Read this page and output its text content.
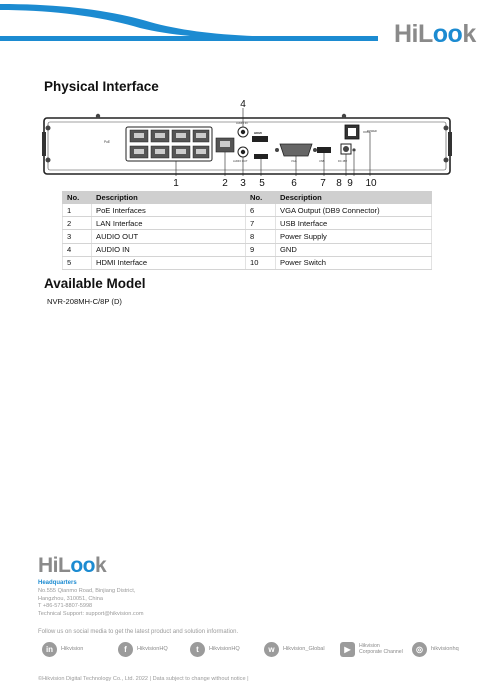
HiLook
Physical Interface
PoE
AUDIO IN
AUDIO OUT
HDMI
VGA	USB	DC 48V
POWER
1	2 3
4
5	6 7 8 9 10
No.	Description	No.	Description
1	PoE Interfaces	6	VGA Output (DB9 Connector)
2	LAN Interface	7	USB Interface
3	AUDIO OUT	8	Power Supply
4	AUDIO IN	9	GND
5	HDMI Interface	10	Power Switch
Available Model
NVR-208MH-C/8P (D)
HiLook
Headquarters
No.555 Qianmo Road, Binjiang District,
Hangzhou, 310051, China
T +86-571-8807-5998
Technical Support: support@hikvision.com
Follow us on social media to get the latest product and solution information.
in	Hikvision	f	HikvisionHQ	t	HikvisionHQ	w	Hikvision_Global	▶	Hikvision
Corporate Channel	◎	hikvisionhq
©Hikvision Digital Technology Co., Ltd. 2022 | Data subject to change without notice |
